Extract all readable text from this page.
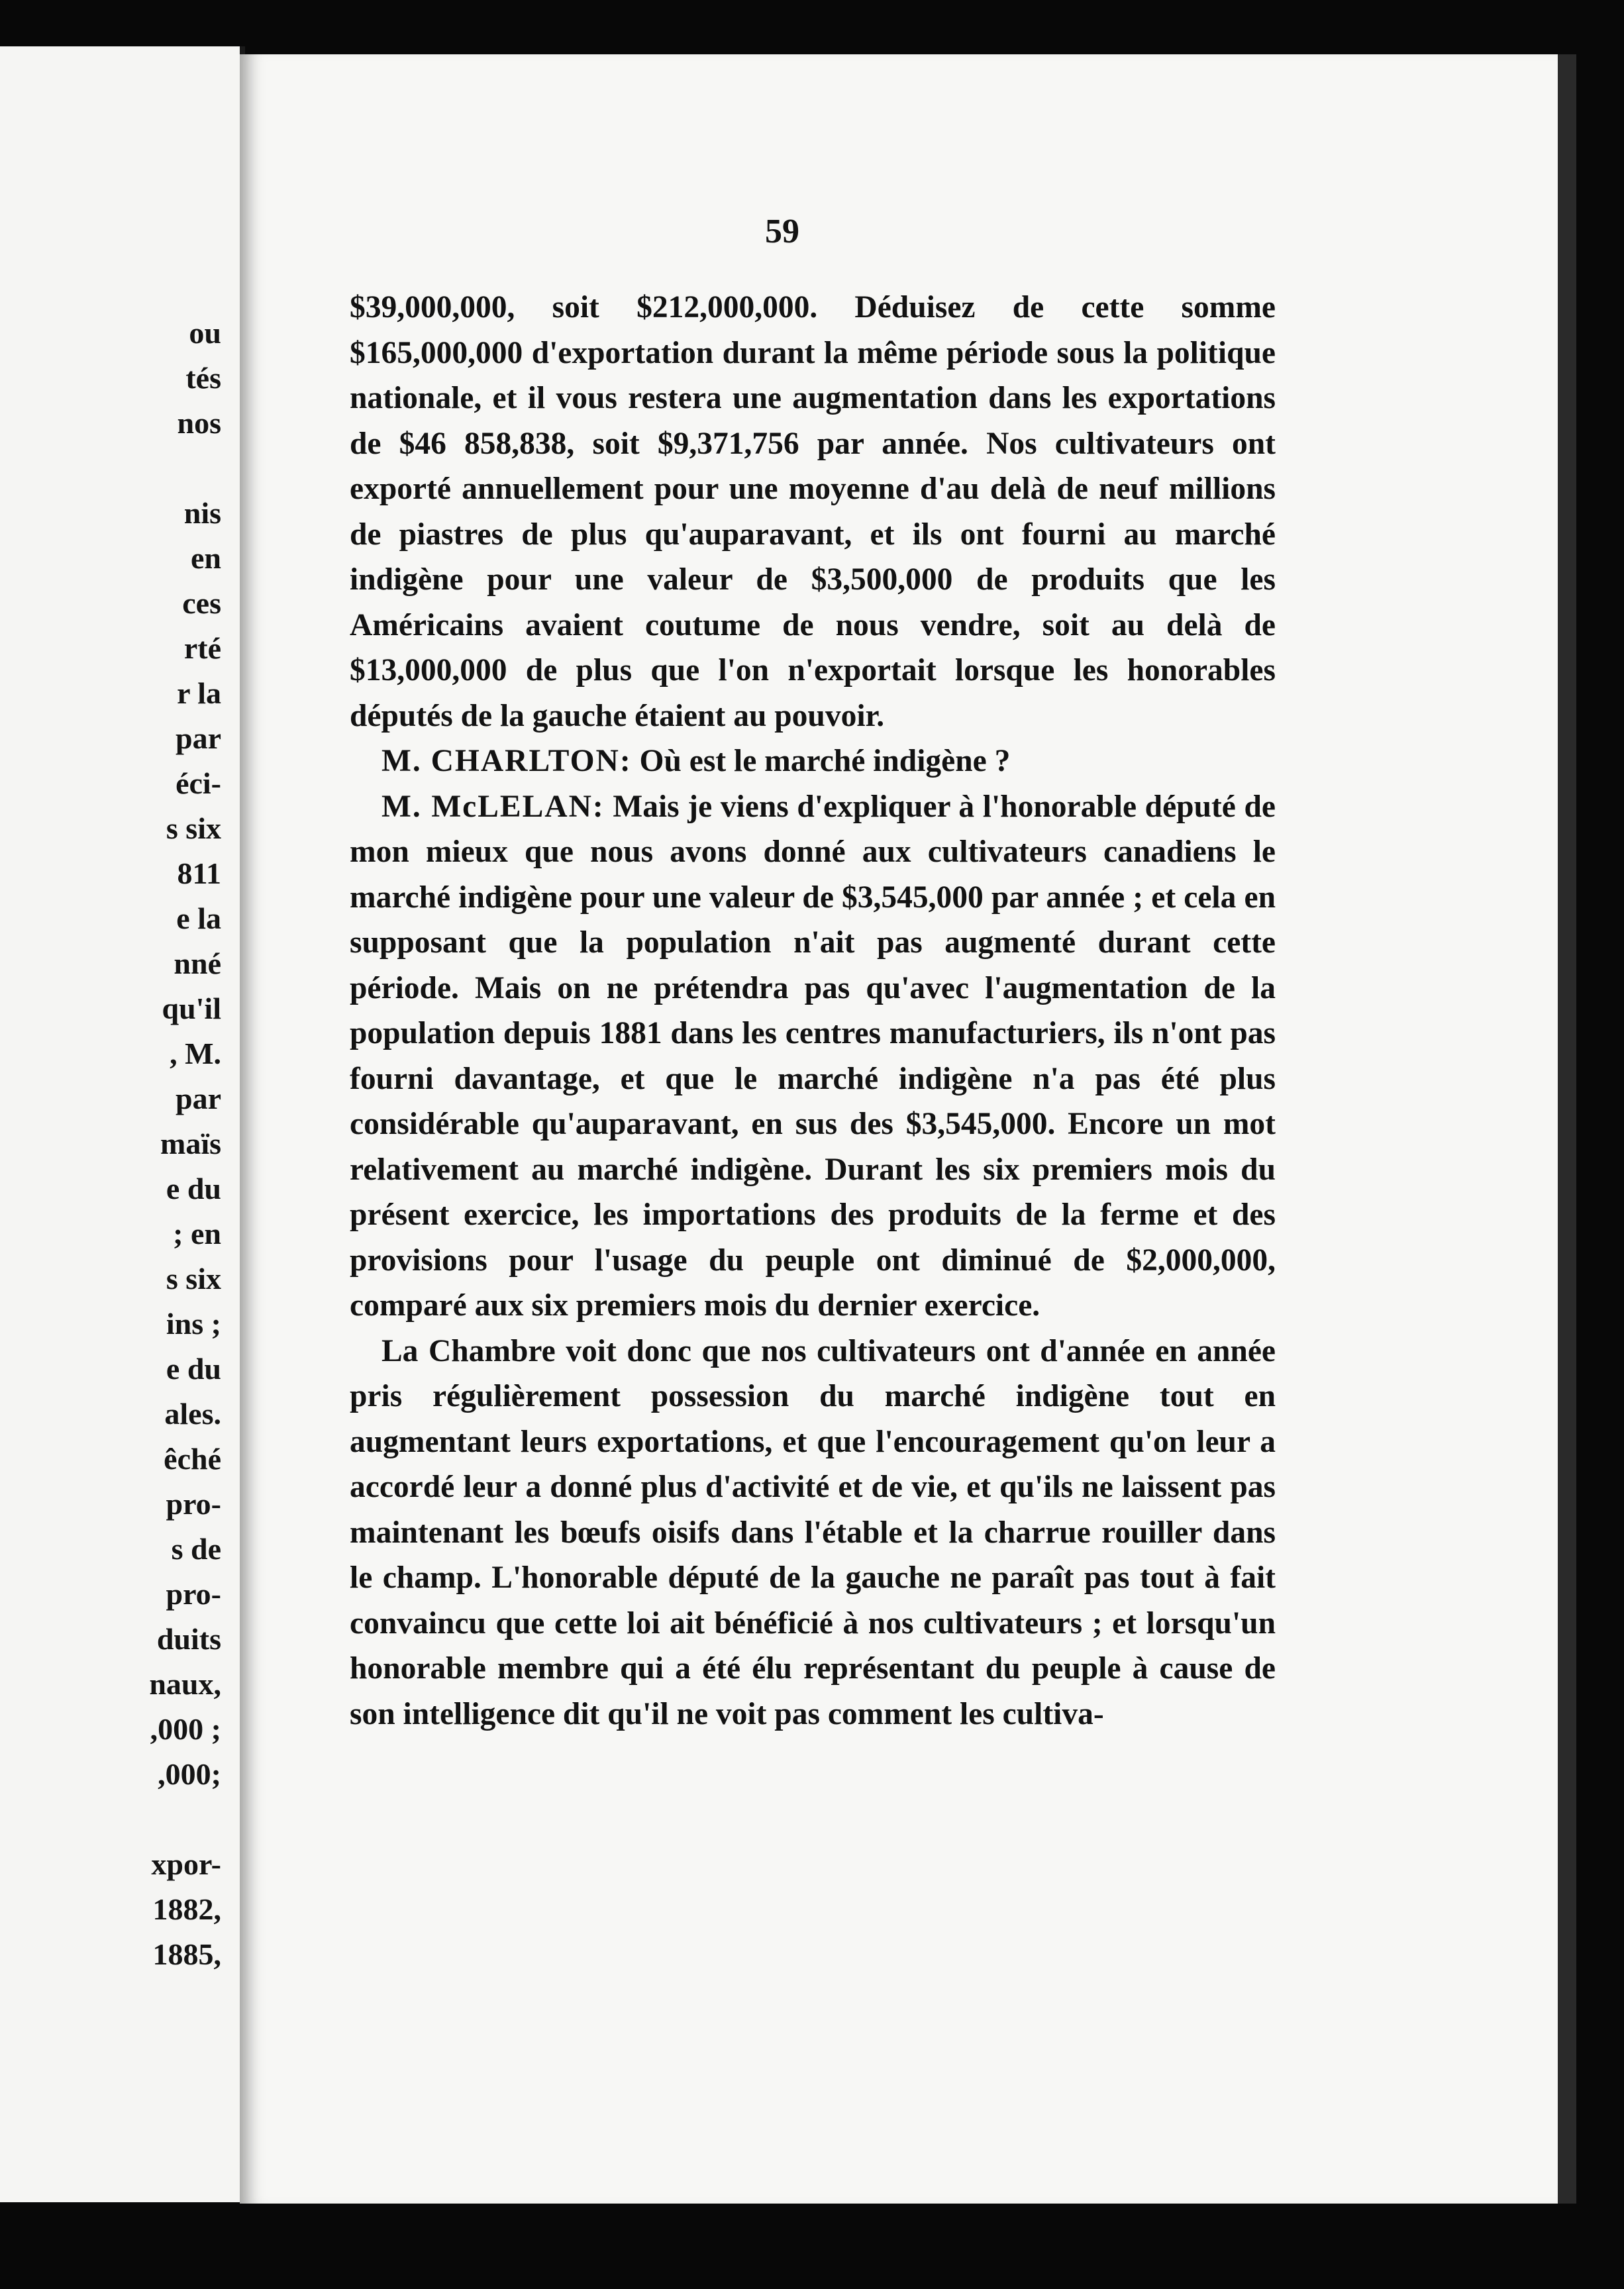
ou
tés
nos
nis
en
ces
rté
r la
par
éci-
s six
811
e la
nné
qu'il
, M.
par
maïs
e du
; en
s six
ins ;
e du
ales.
êché
pro-
s de
pro-
duits
naux,
,000 ;
,000;
xpor-
1882,
1885,
59

$39,000,000, soit $212,000,000. Déduisez de cette somme $165,000,000 d'exportation durant la même période sous la politique nationale, et il vous restera une augmentation dans les exportations de $46 858,838, soit $9,371,756 par année. Nos cultivateurs ont exporté annuellement pour une moyenne d'au delà de neuf millions de piastres de plus qu'auparavant, et ils ont fourni au marché indigène pour une valeur de $3,500,000 de produits que les Américains avaient coutume de nous vendre, soit au delà de $13,000,000 de plus que l'on n'exportait lorsque les honorables députés de la gauche étaient au pouvoir.

M. CHARLTON: Où est le marché indigène ?

M. McLELAN: Mais je viens d'expliquer à l'honorable député de mon mieux que nous avons donné aux cultivateurs canadiens le marché indigène pour une valeur de $3,545,000 par année ; et cela en supposant que la population n'ait pas augmenté durant cette période. Mais on ne prétendra pas qu'avec l'augmentation de la population depuis 1881 dans les centres manufacturiers, ils n'ont pas fourni davantage, et que le marché indigène n'a pas été plus considérable qu'auparavant, en sus des $3,545,000. Encore un mot relativement au marché indigène. Durant les six premiers mois du présent exercice, les importations des produits de la ferme et des provisions pour l'usage du peuple ont diminué de $2,000,000, comparé aux six premiers mois du dernier exercice.

La Chambre voit donc que nos cultivateurs ont d'année en année pris régulièrement possession du marché indigène tout en augmentant leurs exportations, et que l'encouragement qu'on leur a accordé leur a donné plus d'activité et de vie, et qu'ils ne laissent pas maintenant les bœufs oisifs dans l'étable et la charrue rouiller dans le champ. L'honorable député de la gauche ne paraît pas tout à fait convaincu que cette loi ait bénéficié à nos cultivateurs ; et lorsqu'un honorable membre qui a été élu représentant du peuple à cause de son intelligence dit qu'il ne voit pas comment les cultiva-
